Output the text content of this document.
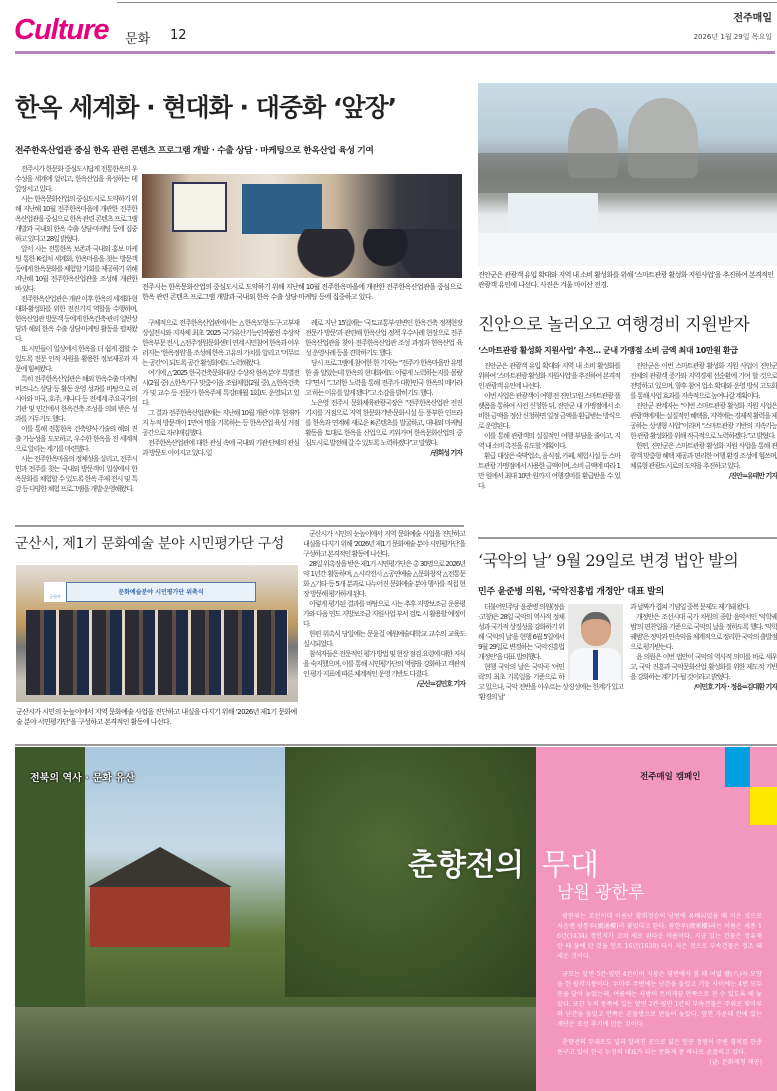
Culture 문화 12
전주매일
2026년 1월 29일 목요일
한옥 세계화 · 현대화 · 대중화 ‘앞장’
전주한옥산업관 중심 한옥 관련 콘텐츠 프로그램 개발 · 수출 상담 · 마케팅으로 한옥산업 육성 기여

전주시가 한문화 중심도시답게 전통한옥의 우수성을 세계에 알리고, 한옥산업을 육성하는 데 앞장서고 있다.

시는 한옥문화산업의 중심도시로 도약하기 위해 지난해 10월 전주한옥마을에 개관한 전주한옥산업관을 중심으로 한옥 관련 콘텐츠 프로그램 개발과 국내외 한옥 수출 상담·마케팅 등에 집중하고 있다고 28일 밝혔다.

앞서 시는 전통한옥 보존과 국내외 홍보 마케팅 통한 K-컬처 세계화, 한옥마을을 찾는 방문객 등에게 한옥문화를 체험할 기회를 제공하기 위해 지난해 10월 전주한옥산업관을 조성해 개관한 바 있다.

전주한옥산업관은 개관 이후 한옥의 세계화·현대화·활성화를 위한 전진기지 역할을 수행하며, 한옥산업관 방문객 등에게 한옥건축·관리 일반상담과 해외 한옥 수출 상담·마케팅 활동을 펼쳐왔다.

또 시민들이 일상에서 한옥을 더 쉽게 접할 수 있도록 전문 인적 자원을 활용한 정보제공과 자문에 힘써왔다.

특히 전주한옥산업관은 해외 한옥수출 마케팅 비즈니스 상담 등 활동 운영 성과를 바탕으로 러시아와 미국, 호주, 캐나다 등 전세계 주요국가의 기관 및 민간에서 한옥건축 조성을 의뢰 받은 성과를 거두기도 했다.

이를 통해 전통한옥 건축양식·기술의 해외 진출 가능성을 도모하고, 우수한 한옥을 전 세계적으로 알리는 계기를 마련했다.

시는 전주한옥마을의 정체성을 살리고, 전주시민과 전주를 찾는 국내외 방문객이 일상에서 한옥문화를 체험할 수 있도록 한옥 주제 전시 및 특강 등 다양한 체험 프로그램을 개발·운영해왔다.

전주시는 한옥문화산업의 중심도시로 도약하기 위해 지난해 10월 전주한옥마을에 개관한 전주한옥산업관을 중심으로 한옥 관련 콘텐츠 프로그램 개발과 국내외 한옥 수출 상담·마케팅 등에 집중하고 있다.

구체적으로 전주한옥산업관에서는 △한옥모형·도구·고부재 상설전시와 지자체 최초 ‘2025 국가유산기능인작품전 수상작 한옥부문 전시, △전주정원문화센터 연계 시민참여 한옥과 어우러지는 ‘한옥정원’을 조성해 한옥 고유의 가치를 알리고 ‘머무르는 공간’이 되도록 공간 활성화에도 노력해왔다.

여기에 △‘2025 한국건축문화대상 수상작 한옥분야’ 특별전시(2월 중) △한옥가구 맞춤·이음 조립체험(2월 중), △한옥건축가 및 교수 등 전문가 한옥주제 특강(매월 1회)도 운영되고 있다.

그 결과 전주한옥산업관에는 지난해 10월 개관 이후 현재까지 누적 방문객이 1만여 명을 기록하는 등 한옥산업 육성 거점 공간으로 자리매김했다.

전주한옥산업관에 대한 관심 속에 국내외 기관·단체의 관심과 방문도 이어지고 있다. 일

례로 지난 15일에는 ‘국토교통부·연변인 한옥건축 정책현장 전문가 방문’과 관련해 한옥산업 정책 우수사례 현장으로 전주한옥산업관을 찾아 전주한옥산업관 조성 과정과 한옥산업 육성 운영사례 등을 견학하기도 했다.

당시 프로그램에 참여한 한 기자는 “전주가 한옥마을만 유명한 줄 알았는데 한옥의 현대화에도 이렇게 노력하는지를 몰랐다”면서 “그러한 노력을 통해 전주가 대한민국 한옥의 메카라고 하는 이유를 알게 됐다”고 소감을 밝히기도 했다.

노은영 전주시 문화체육관광국장은 “전주한옥산업관 전진기지를 거점으로 지역 한문화기반·문화시설 등 풍부한 인프라를 한옥과 연계해 새로운 K-콘텐츠를 발굴하고, 대내외 마케팅 활동을 토대로 한옥을 산업으로 키워가며 한옥문화산업의 중심도시로 발전해 갈 수 있도록 노력하겠다”고 말했다.

/권희성 기자
진안군은 관광객 유입 확대와 지역 내 소비 활성화를 위해 ‘스마트관광 활성화 지원사업’을 추진하여 본격적인 관광객 유인에 나선다. 사진은 겨울 마이산 전경.
진안으로 놀러오고 여행경비 지원받자
‘스마트관광 활성화 지원사업’ 추진… 군내 가맹점 소비 금액 최대 10만원 환급

진안군은 관광객 유입 확대와 지역 내 소비 활성화를 위하여 ‘스마트관광 활성화 지원사업’을 추진하여 본격적인 관광객 유인에 나선다.

이번 사업은 관광객이 여행 전 진안고원 스마트관광 플랫폼을 통하여 사전 신청한 뒤, 진안군 내 가맹점에서 소비한 금액을 정산 신청하면 일정 금액을 환급받는 방식으로 운영된다.

이를 통해 관광객의 실질적인 여행 부담을 줄이고, 지역 내 소비 촉진을 유도할 계획이다.

환급 대상은 숙박업소, 음식점, 카페, 체험시설 등 스마트관광 가맹점에서 사용한 금액이며, 소비 금액에 따라 1만 원에서 최대 10만 원까지 여행경비를 환급받을 수 있다.

진안군은 이번 스마트관광 활성화 지원 사업이 진안군 전체의 관광객 증가와 지역경제 선순환에 기여 할 것으로 전망하고 있으며, 향후 참여 업소 확대와 운영 방식 고도화를 통해 사업 효과를 지속적으로 높여나갈 계획이다.

진안군 관계자는 “이번 스마트관광 활성화 지원 사업은 관광객에게는 실질적인 혜택을, 지역에는 경제적 활력을 제공하는 상생형 사업”이라며 “스마트관광 기반의 지속가능한 관광 활성화를 위해 적극적으로 노력하겠다.”고 밝혔다.

한편, 진안군은 스마트관광 활성화 지원 사업을 통해 관광객 맞춤형 혜택 제공과 편리한 여행 환경 조성에 힘쓰며, 체류형 관광도시로의 도약을 추진하고 있다.

/진안=유태만 기자
군산시, 제1기 문화예술 분야 시민평가단 구성
문화예술분야 시민평가단 위촉식
군산시
군산시가 시민의 눈높이에서 지역 문화예술 사업을 진단하고 내실을 다지기 위해 ‘2026년 제1기 문화예술 분야 시민평가단’을 구성하고 본격적인 활동에 나선다.

군산시가 시민의 눈높이에서 지역 문화예술 사업을 진단하고 내실을 다지기 위해 ‘2026년 제1기 문화예술 분야 시민평가단’을 구성하고 본격적인 활동에 나선다.

28일 위촉장을 받은 제1기 시민평가단은 총 30명으로 2026년 약 1년간 활동하며, △시각전시 △공연예술 △문화창작 △전통문화 △기타 등 5개 분과로 나누어진 문화예술 분야 행사를 직접 현장 방문해 평가하게 된다.

이렇게 평가된 결과를 바탕으로 시는 추후 지방보조금 운용평가와 다음 연도 지방보조금 지원사업 부서 검토 시 활용할 예정이다.

한편 위촉식 당일에는 문윤걸 예원예술대학교 교수의 교육도 실시되었다.

참석자들은 전문적인 평가 방법 및 현장 점검 요령에 대한 지식을 숙지했으며, 이를 통해 시민평가단의 역량을 강화하고 객관적인 평가 지표에 따른 체계적인 운영 기반도 다졌다.

/군산=김민호 기자
‘국악의 날’ 9월 29일로 변경 법안 발의
민주 윤준병 의원, ‘국악진흥법 개정안’ 대표 발의

더불어민주당 윤준병 의원(정읍·고창)은 28일 국악의 역사적 정체성과 국가적 상징성을 강화하기 위해 ‘국악의 날’을 현행 6월 5일에서 9월 29일로 변경하는 ‘국악진흥법 개정안’을 대표 발의했다.

현행 국악의 날은 국악곡 ‘여민락’의 최초 기록일을 기준으로 하고 있으나, 국악 전반을 아우르는 상징성에는 한계가 있고 ‘환경의 날’

과 날짜가 겹쳐 기념일 중복 문제도 제기돼 왔다.

개정안은 조선시대 국가 차원의 종합 음악서인 ‘악학궤범’의 편찬일을 기준으로 국악의 날을 정하도록 했다. ‘악학궤범’은 정악과 민속악을 체계적으로 정리한 국악의 출발점으로 평가받는다.

윤 의원은 이번 법안이 국악의 역사적 의미를 바로 세우고, 국악 진흥과 국악문화산업 활성화를 위한 제도적 기반을 강화하는 계기가 될 것이라고 밝혔다.

/이민호 기자 · 정읍=김대환 기자
전북의 역사 · 문화 유산	전주매일 캠페인
춘향전의 무대
남원 광한루

광한루는 조선시대 이름난 황희정승이 남원에 유배되었을 때 지은 것으로 처음엔 광통루(廣通樓)라 불렀다고 한다. 광한루(廣寒樓)라는 이름은 세종 16년(1434) 정인지가 고쳐 새로 위다운 이름이다. 지금 있는 건물은 정유재란 때 불에 탄 것을 인조 16년(1638) 다시 지은 것으로 부속건물은 정조 때 세운 것이다.

규모는 앞면 5칸·옆면 4칸이며 지붕은 옆면에서 볼 때 여덟 팔(八)자 모양을 한 팔작지붕이다. 누마루 주변에는 난간을 둘렀고 기둥 사이에는 4면 모두 문을 달아 놓았는데, 여름에는 사방이 트이게끔 안쪽으로 전 수 있도록 해 놓았다. 또한 누의 동쪽에 있는 앞면 2칸·옆면 1칸의 부속건물은 주위로 툇마루와 난간을 둘렀고 안쪽은 온돌방으로 만들어 놓았다. 옆면 가운데 칸에 있는 계단은 조선 후기에 만든 것이다.

춘향전의 무대로도 널리 알려진 곳으로 넓은 인공 정원이 주변 경치를 한층 돋구고 있어 한국 누정의 대표가 되는 문화재 중 하나로 손꼽히고 있다.

(글: 문화재청 제공)
